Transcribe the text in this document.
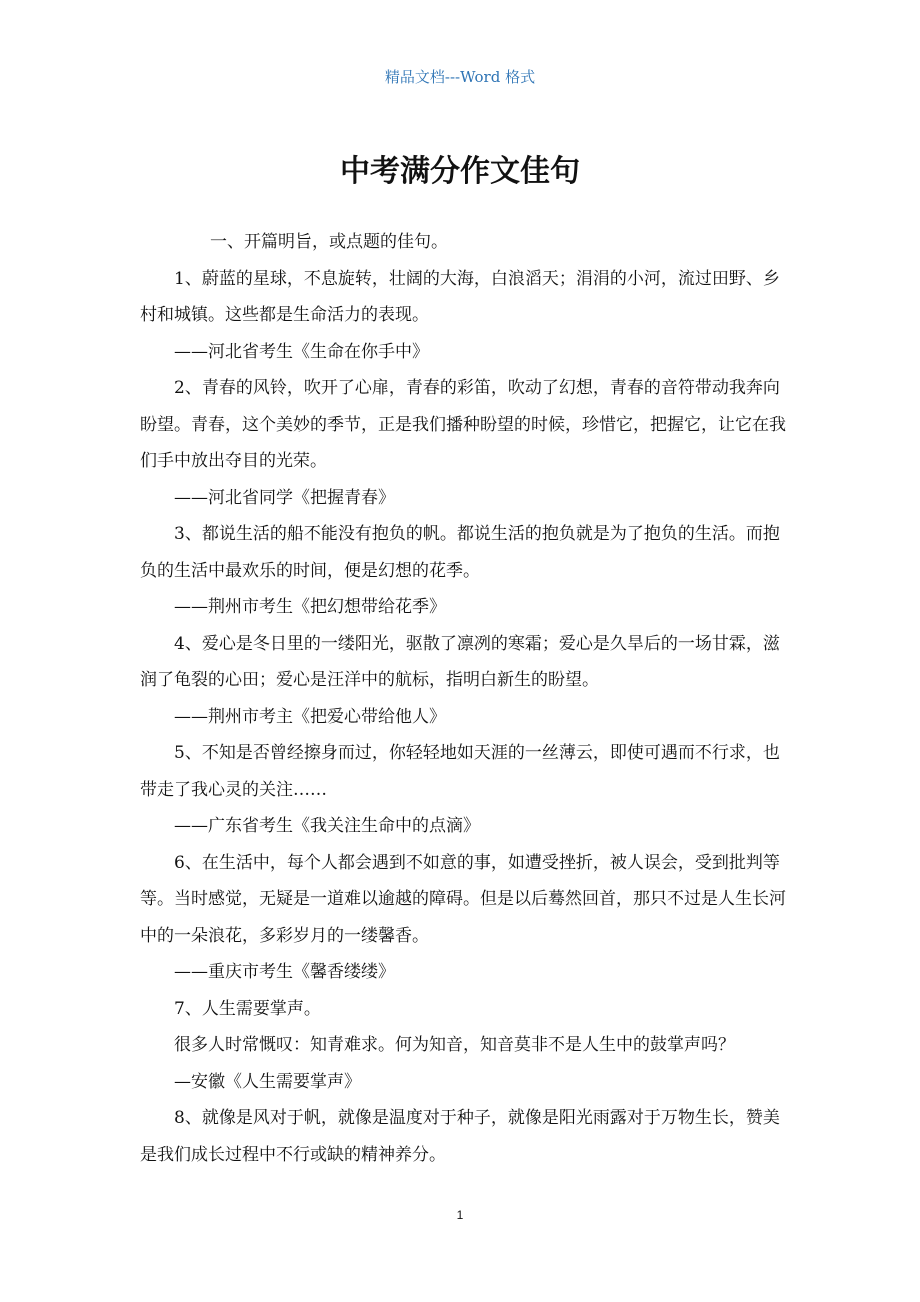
精品文档---Word 格式
中考满分作文佳句

一、开篇明旨，或点题的佳句。

1、蔚蓝的星球，不息旋转，壮阔的大海，白浪滔天；涓涓的小河，流过田野、乡村和城镇。这些都是生命活力的表现。

——河北省考生《生命在你手中》

2、青春的风铃，吹开了心扉，青春的彩笛，吹动了幻想，青春的音符带动我奔向盼望。青春，这个美妙的季节，正是我们播种盼望的时候，珍惜它，把握它，让它在我们手中放出夺目的光荣。

——河北省同学《把握青春》

3、都说生活的船不能没有抱负的帆。都说生活的抱负就是为了抱负的生活。而抱负的生活中最欢乐的时间，便是幻想的花季。

——荆州市考生《把幻想带给花季》

4、爱心是冬日里的一缕阳光，驱散了凛冽的寒霜；爱心是久旱后的一场甘霖，滋润了龟裂的心田；爱心是汪洋中的航标，指明白新生的盼望。

——荆州市考主《把爱心带给他人》

5、不知是否曾经擦身而过，你轻轻地如天涯的一丝薄云，即使可遇而不行求，也带走了我心灵的关注……

——广东省考生《我关注生命中的点滴》

6、在生活中，每个人都会遇到不如意的事，如遭受挫折，被人误会，受到批判等等。当时感觉，无疑是一道难以逾越的障碍。但是以后蓦然回首，那只不过是人生长河中的一朵浪花，多彩岁月的一缕馨香。

——重庆市考生《馨香缕缕》

7、人生需要掌声。

很多人时常慨叹：知青难求。何为知音，知音莫非不是人生中的鼓掌声吗？

—安徽《人生需要掌声》

8、就像是风对于帆，就像是温度对于种子，就像是阳光雨露对于万物生长，赞美是我们成长过程中不行或缺的精神养分。

1
